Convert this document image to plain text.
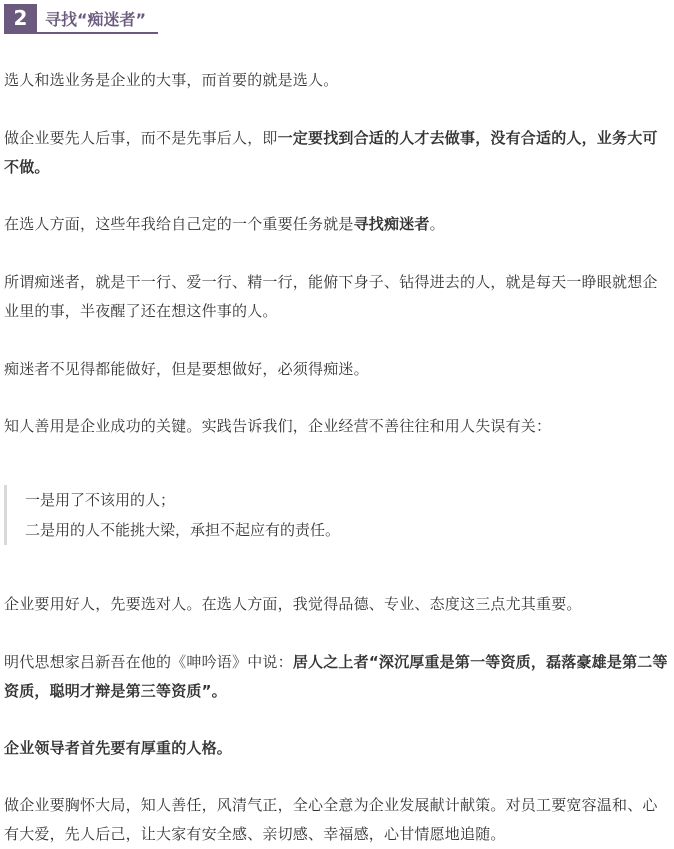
2	寻找“痴迷者”

选人和选业务是企业的大事，而首要的就是选人。

做企业要先人后事，而不是先事后人，即一定要找到合适的人才去做事，没有合适的人，业务大可不做。

在选人方面，这些年我给自己定的一个重要任务就是寻找痴迷者。

所谓痴迷者，就是干一行、爱一行、精一行，能俯下身子、钻得进去的人，就是每天一睁眼就想企业里的事，半夜醒了还在想这件事的人。

痴迷者不见得都能做好，但是要想做好，必须得痴迷。

知人善用是企业成功的关键。实践告诉我们，企业经营不善往往和用人失误有关：

一是用了不该用的人；
二是用的人不能挑大梁，承担不起应有的责任。

企业要用好人，先要选对人。在选人方面，我觉得品德、专业、态度这三点尤其重要。

明代思想家吕新吾在他的《呻吟语》中说：居人之上者“深沉厚重是第一等资质，磊落豪雄是第二等资质，聪明才辩是第三等资质”。

企业领导者首先要有厚重的人格。

做企业要胸怀大局，知人善任，风清气正，全心全意为企业发展献计献策。对员工要宽容温和、心有大爱，先人后己，让大家有安全感、亲切感、幸福感，心甘情愿地追随。
